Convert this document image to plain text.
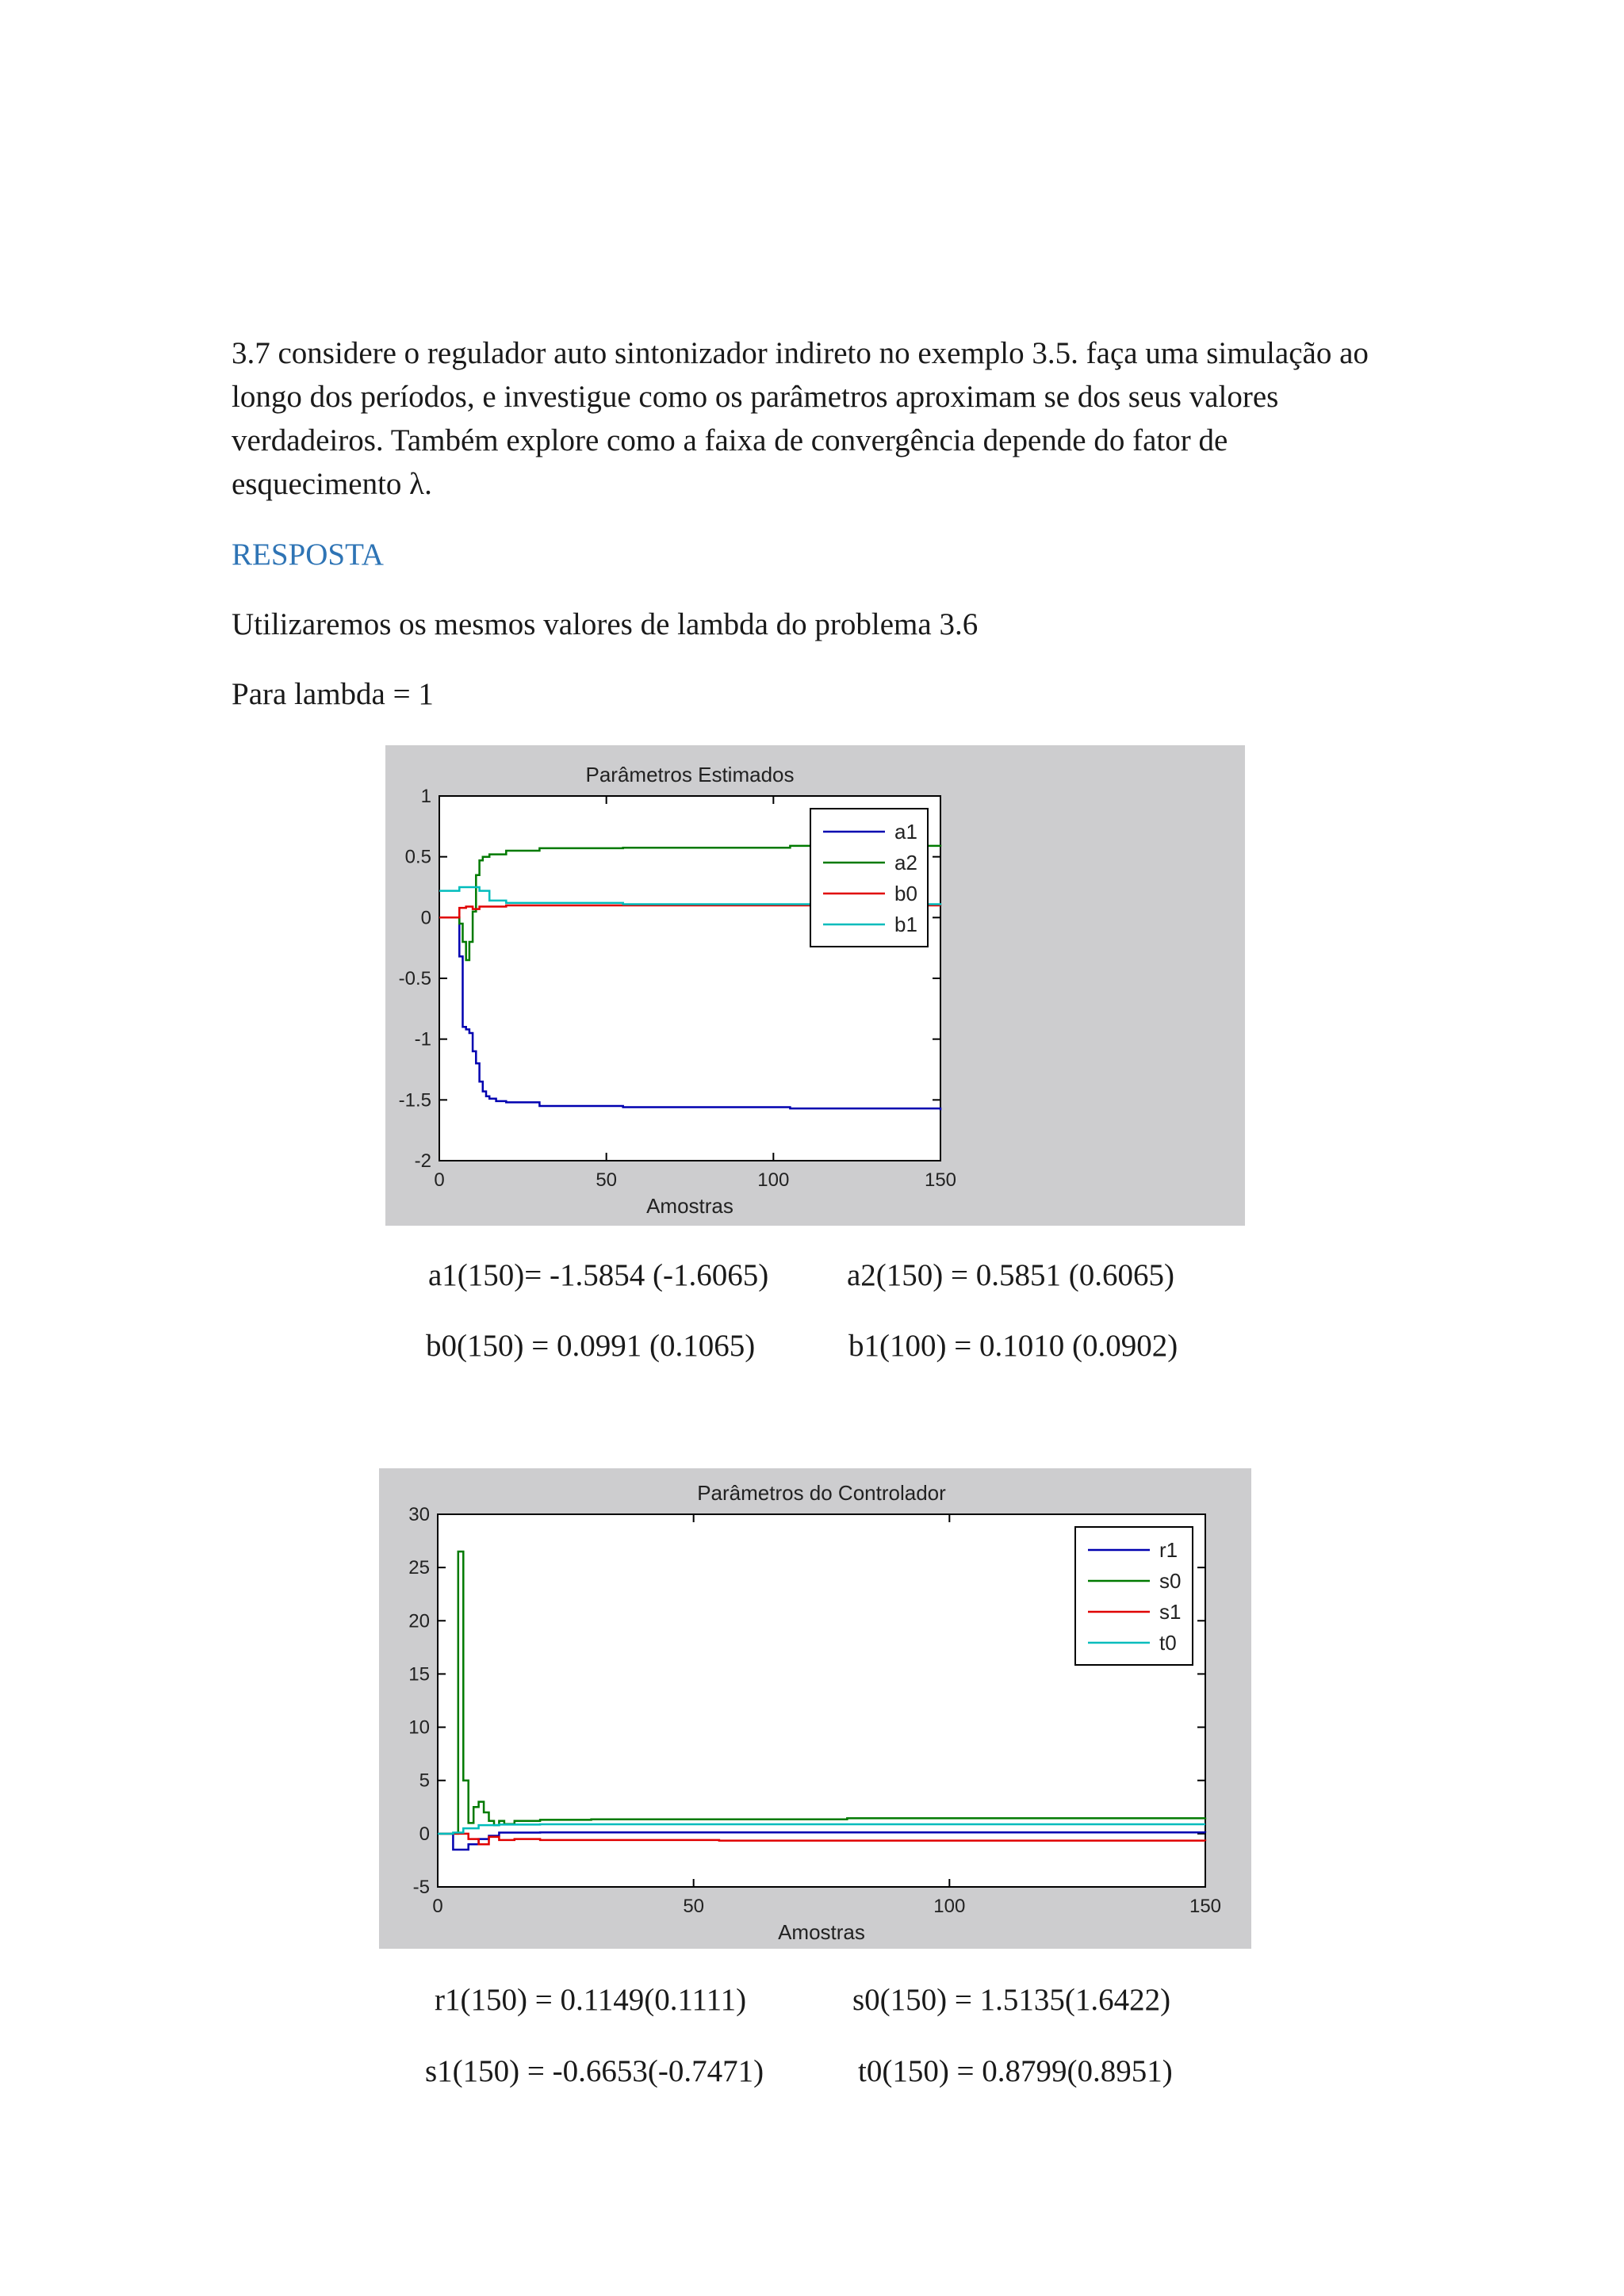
3.7 considere o regulador auto sintonizador indireto no exemplo 3.5. faça uma simulação ao longo dos períodos, e investigue como os parâmetros aproximam se dos seus valores verdadeiros. Também explore como a faixa de convergência depende do fator de esquecimento λ.

RESPOSTA

Utilizaremos os mesmos valores de lambda do problema 3.6

Para lambda = 1

Parâmetros Estimados
0	50	100	150
-2
-1.5
-1
-0.5
0
0.5
1
Amostras
a1
a2
b0
b1

a1(150)= -1.5854 (-1.6065)	a2(150) = 0.5851 (0.6065)

b0(150) = 0.0991 (0.1065)	b1(100) = 0.1010 (0.0902)

Parâmetros do Controlador
0	50	100	150
-5
0
5
10
15
20
25
30
Amostras
r1
s0
s1
t0

r1(150) = 0.1149(0.1111)	s0(150) = 1.5135(1.6422)

s1(150) = -0.6653(-0.7471)	t0(150) = 0.8799(0.8951)
